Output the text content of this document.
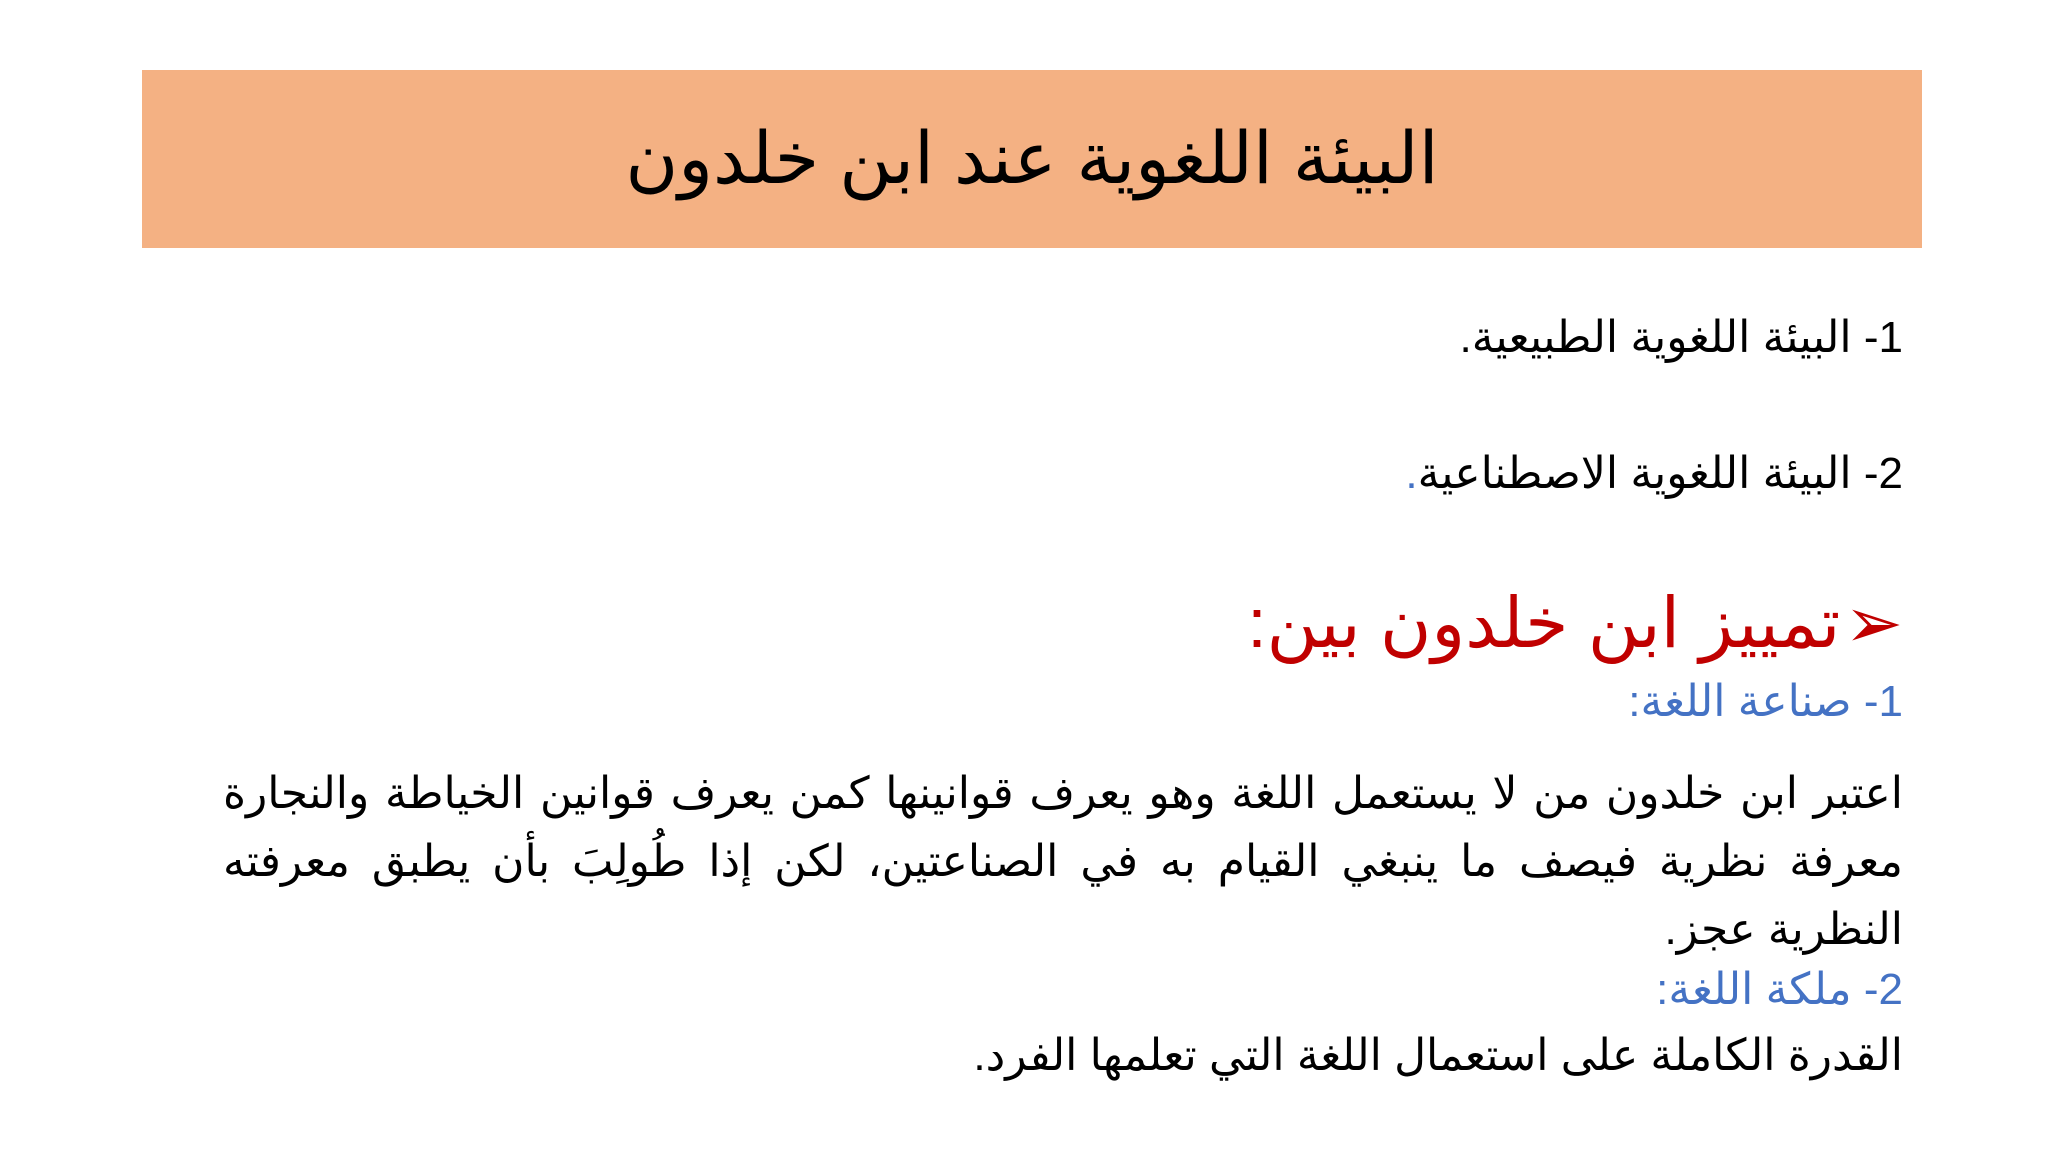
البيئة اللغوية عند ابن خلدون
1- البيئة اللغوية الطبيعية.
2- البيئة اللغوية الاصطناعية.
➢تمييز ابن خلدون بين:
1- صناعة اللغة:
اعتبر ابن خلدون من لا يستعمل اللغة وهو يعرف قوانينها كمن يعرف قوانين الخياطة والنجارة معرفة نظرية فيصف ما ينبغي القيام به في الصناعتين، لكن إذا طُولِبَ بأن يطبق معرفته النظرية عجز.
2- ملكة اللغة:
القدرة الكاملة على استعمال اللغة التي تعلمها الفرد.
